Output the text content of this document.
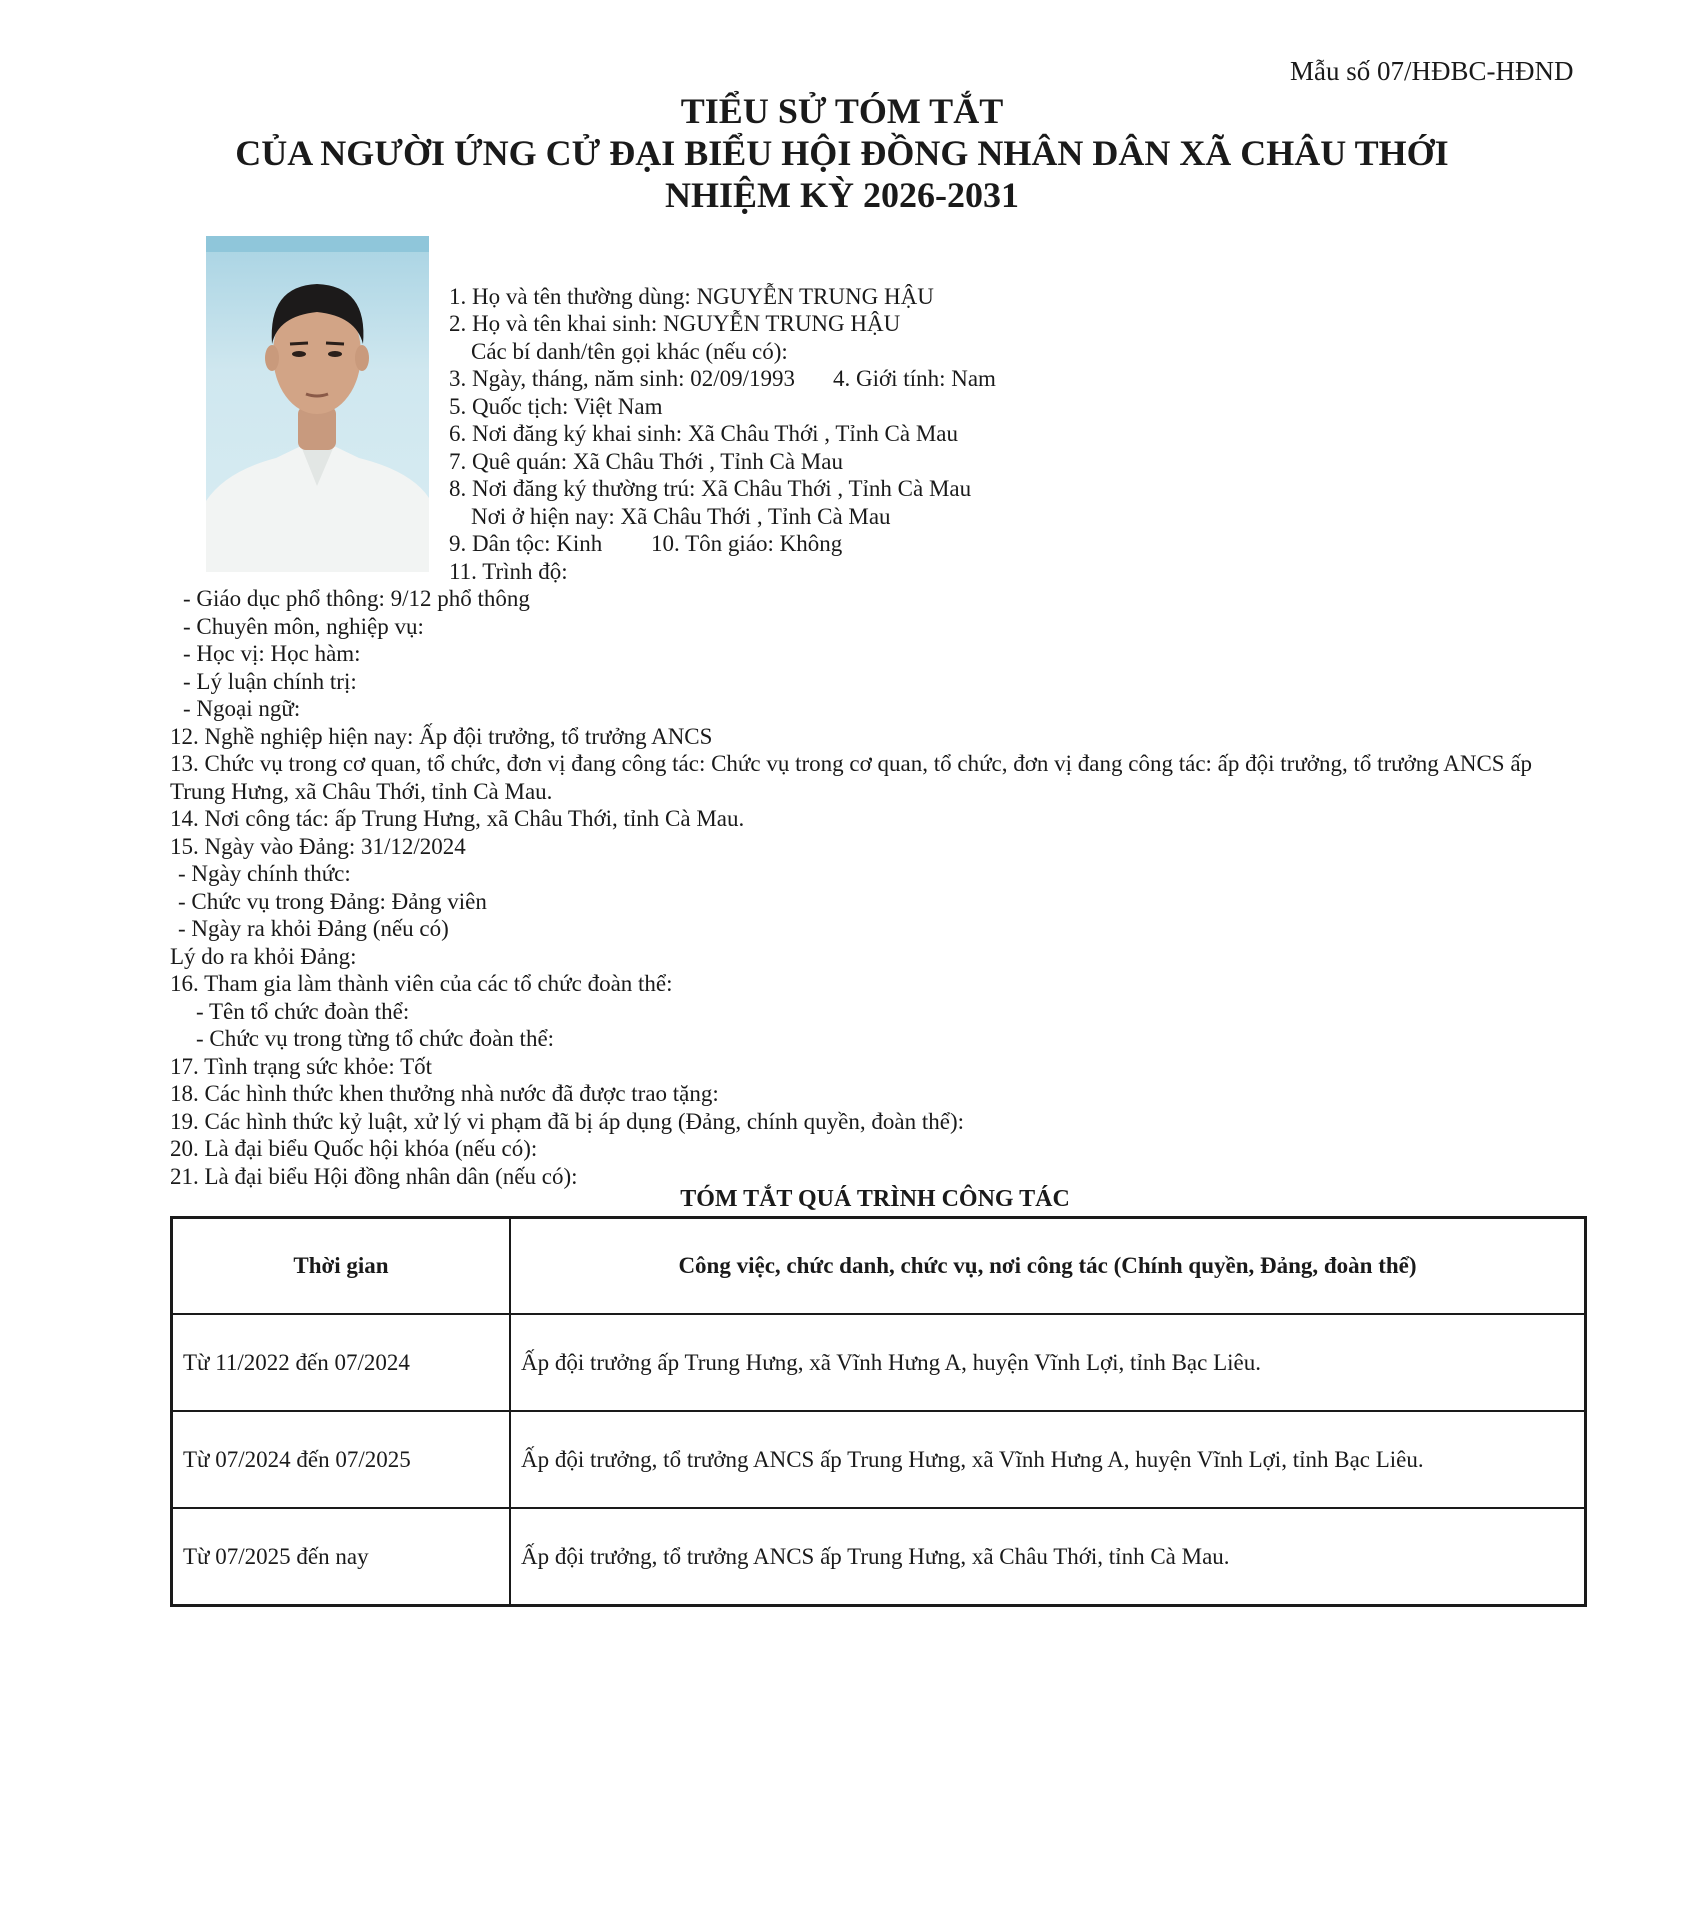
Mẫu số 07/HĐBC-HĐND
TIỂU SỬ TÓM TẮT
CỦA NGƯỜI ỨNG CỬ ĐẠI BIỂU HỘI ĐỒNG NHÂN DÂN XÃ CHÂU THỚI
NHIỆM KỲ 2026-2031
1. Họ và tên thường dùng: NGUYỄN TRUNG HẬU
2. Họ và tên khai sinh: NGUYỄN TRUNG HẬU
Các bí danh/tên gọi khác (nếu có):
3. Ngày, tháng, năm sinh: 02/09/1993 4. Giới tính: Nam
5. Quốc tịch: Việt Nam
6. Nơi đăng ký khai sinh: Xã Châu Thới , Tỉnh Cà Mau
7. Quê quán: Xã Châu Thới , Tỉnh Cà Mau
8. Nơi đăng ký thường trú: Xã Châu Thới , Tỉnh Cà Mau
Nơi ở hiện nay: Xã Châu Thới , Tỉnh Cà Mau
9. Dân tộc: Kinh 10. Tôn giáo: Không
11. Trình độ:
- Giáo dục phổ thông: 9/12 phổ thông
- Chuyên môn, nghiệp vụ:
- Học vị: Học hàm:
- Lý luận chính trị:
- Ngoại ngữ:
12. Nghề nghiệp hiện nay: Ấp đội trưởng, tổ trưởng ANCS
13. Chức vụ trong cơ quan, tổ chức, đơn vị đang công tác: Chức vụ trong cơ quan, tổ chức, đơn vị đang công tác: ấp đội trưởng, tổ trưởng ANCS ấp
Trung Hưng, xã Châu Thới, tỉnh Cà Mau.
14. Nơi công tác: ấp Trung Hưng, xã Châu Thới, tỉnh Cà Mau.
15. Ngày vào Đảng: 31/12/2024
- Ngày chính thức:
- Chức vụ trong Đảng: Đảng viên
- Ngày ra khỏi Đảng (nếu có)
Lý do ra khỏi Đảng:
16. Tham gia làm thành viên của các tổ chức đoàn thể:
- Tên tổ chức đoàn thể:
- Chức vụ trong từng tổ chức đoàn thể:
17. Tình trạng sức khỏe: Tốt
18. Các hình thức khen thưởng nhà nước đã được trao tặng:
19. Các hình thức kỷ luật, xử lý vi phạm đã bị áp dụng (Đảng, chính quyền, đoàn thể):
20. Là đại biểu Quốc hội khóa (nếu có):
21. Là đại biểu Hội đồng nhân dân (nếu có):
TÓM TẮT QUÁ TRÌNH CÔNG TÁC
Thời gian	Công việc, chức danh, chức vụ, nơi công tác (Chính quyền, Đảng, đoàn thể)
Từ 11/2022 đến 07/2024	Ấp đội trưởng ấp Trung Hưng, xã Vĩnh Hưng A, huyện Vĩnh Lợi, tỉnh Bạc Liêu.
Từ 07/2024 đến 07/2025	Ấp đội trưởng, tổ trưởng ANCS ấp Trung Hưng, xã Vĩnh Hưng A, huyện Vĩnh Lợi, tỉnh Bạc Liêu.
Từ 07/2025 đến nay	Ấp đội trưởng, tổ trưởng ANCS ấp Trung Hưng, xã Châu Thới, tỉnh Cà Mau.
